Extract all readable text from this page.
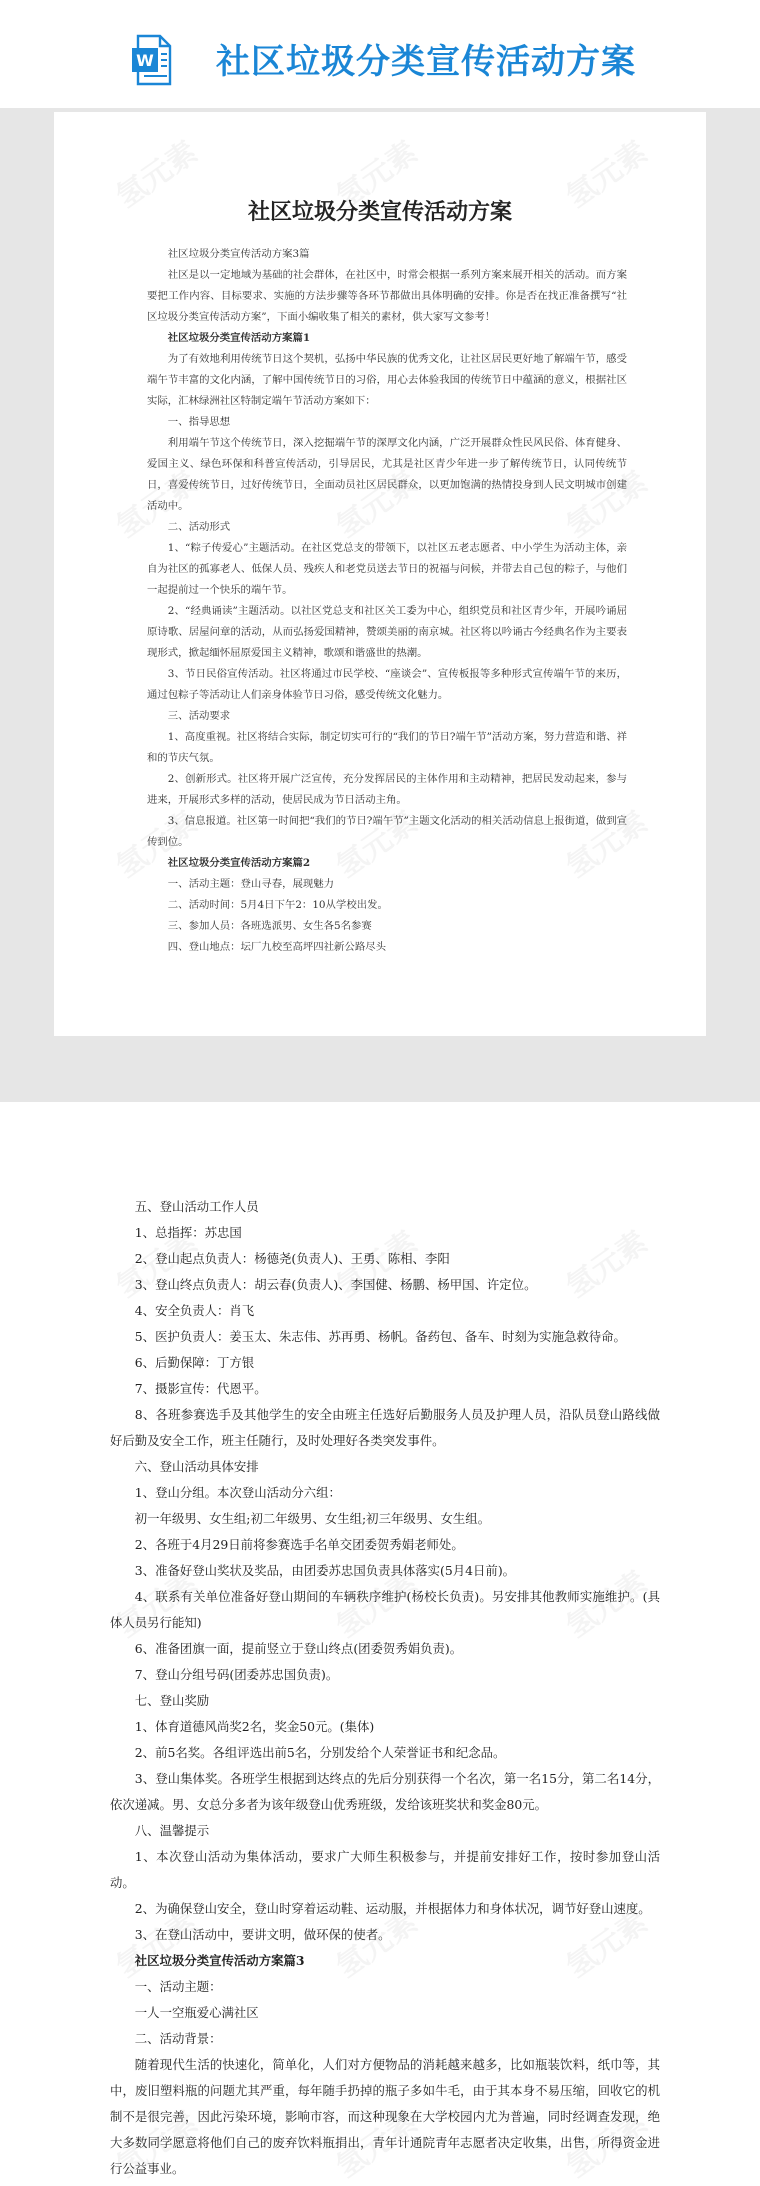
W 社区垃圾分类宣传活动方案
社区垃圾分类宣传活动方案

社区垃圾分类宣传活动方案3篇

社区是以一定地域为基础的社会群体，在社区中，时常会根据一系列方案来展开相关的活动。而方案要把工作内容、目标要求、实施的方法步骤等各环节都做出具体明确的安排。你是否在找正准备撰写“社区垃圾分类宣传活动方案”，下面小编收集了相关的素材，供大家写文参考！

社区垃圾分类宣传活动方案篇1

为了有效地利用传统节日这个契机，弘扬中华民族的优秀文化，让社区居民更好地了解端午节，感受端午节丰富的文化内涵，了解中国传统节日的习俗，用心去体验我国的传统节日中蕴涵的意义，根据社区实际，汇林绿洲社区特制定端午节活动方案如下：

一、指导思想

利用端午节这个传统节日，深入挖掘端午节的深厚文化内涵，广泛开展群众性民风民俗、体育健身、爱国主义、绿色环保和科普宣传活动，引导居民，尤其是社区青少年进一步了解传统节日，认同传统节日，喜爱传统节日，过好传统节日，全面动员社区居民群众，以更加饱满的热情投身到人民文明城市创建活动中。

二、活动形式

1、“粽子传爱心”主题活动。在社区党总支的带领下，以社区五老志愿者、中小学生为活动主体，亲自为社区的孤寡老人、低保人员、残疾人和老党员送去节日的祝福与问候，并带去自己包的粽子，与他们一起提前过一个快乐的端午节。

2、“经典诵读”主题活动。以社区党总支和社区关工委为中心，组织党员和社区青少年，开展吟诵屈原诗歌、居屋问章的活动，从而弘扬爱国精神，赞颂美丽的南京城。社区将以吟诵古今经典名作为主要表现形式，掀起缅怀屈原爱国主义精神，歌颂和谐盛世的热潮。

3、节日民俗宣传活动。社区将通过市民学校、“座谈会”、宣传板报等多种形式宣传端午节的来历，通过包粽子等活动让人们亲身体验节日习俗，感受传统文化魅力。

三、活动要求

1、高度重视。社区将结合实际，制定切实可行的“我们的节日?端午节”活动方案，努力营造和谐、祥和的节庆气氛。

2、创新形式。社区将开展广泛宣传，充分发挥居民的主体作用和主动精神，把居民发动起来，参与进来，开展形式多样的活动，使居民成为节日活动主角。

3、信息报道。社区第一时间把“我们的节日?端午节”主题文化活动的相关活动信息上报街道，做到宣传到位。

社区垃圾分类宣传活动方案篇2

一、活动主题：登山寻春，展现魅力

二、活动时间：5月4日下午2：10从学校出发。

三、参加人员：各班选派男、女生各5名参赛

四、登山地点：坛厂九校至高坪四社新公路尽头

五、登山活动工作人员

1、总指挥：苏忠国

2、登山起点负责人：杨德尧(负责人)、王勇、陈相、李阳

3、登山终点负责人：胡云春(负责人)、李国健、杨鹏、杨甲国、许定位。

4、安全负责人：肖飞

5、医护负责人：姜玉太、朱志伟、苏再勇、杨帆。备药包、备车、时刻为实施急救待命。

6、后勤保障：丁方银

7、摄影宣传：代恩平。

8、各班参赛选手及其他学生的安全由班主任选好后勤服务人员及护理人员，沿队员登山路线做好后勤及安全工作，班主任随行，及时处理好各类突发事件。

六、登山活动具体安排

1、登山分组。本次登山活动分六组：

初一年级男、女生组;初二年级男、女生组;初三年级男、女生组。

2、各班于4月29日前将参赛选手名单交团委贺秀娟老师处。

3、准备好登山奖状及奖品，由团委苏忠国负责具体落实(5月4日前)。

4、联系有关单位准备好登山期间的车辆秩序维护(杨校长负责)。另安排其他教师实施维护。(具体人员另行能知)

6、准备团旗一面，提前竖立于登山终点(团委贺秀娟负责)。

7、登山分组号码(团委苏忠国负责)。

七、登山奖励

1、体育道德风尚奖2名，奖金50元。(集体)

2、前5名奖。各组评选出前5名，分别发给个人荣誉证书和纪念品。

3、登山集体奖。各班学生根据到达终点的先后分别获得一个名次，第一名15分，第二名14分，依次递减。男、女总分多者为该年级登山优秀班级，发给该班奖状和奖金80元。

八、温馨提示

1、本次登山活动为集体活动，要求广大师生积极参与，并提前安排好工作，按时参加登山活动。

2、为确保登山安全，登山时穿着运动鞋、运动服，并根据体力和身体状况，调节好登山速度。

3、在登山活动中，要讲文明，做环保的使者。

社区垃圾分类宣传活动方案篇3

一、活动主题：

一人一空瓶爱心满社区

二、活动背景：

随着现代生活的快速化，简单化，人们对方便物品的消耗越来越多，比如瓶装饮料，纸巾等，其中，废旧塑料瓶的问题尤其严重，每年随手扔掉的瓶子多如牛毛，由于其本身不易压缩，回收它的机制不是很完善，因此污染环境，影响市容，而这种现象在大学校园内尤为普遍，同时经调查发现，绝大多数同学愿意将他们自己的废弃饮料瓶捐出，青年计通院青年志愿者决定收集，出售，所得资金进行公益事业。
